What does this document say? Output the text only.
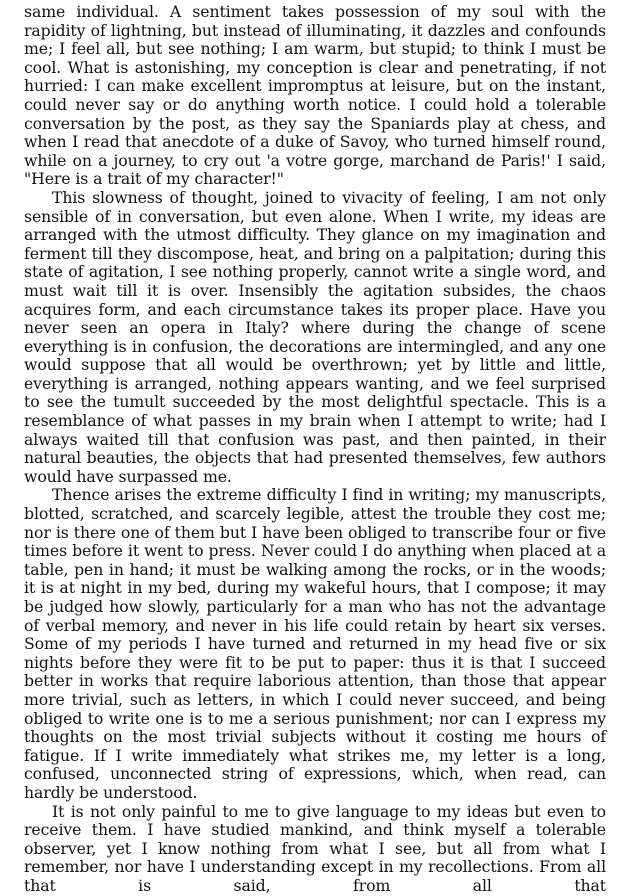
same individual. A sentiment takes possession of my soul with the rapidity of lightning, but instead of illuminating, it dazzles and confounds me; I feel all, but see nothing; I am warm, but stupid; to think I must be cool. What is astonishing, my conception is clear and penetrating, if not hurried: I can make excellent impromptus at leisure, but on the instant, could never say or do anything worth notice. I could hold a tolerable conversation by the post, as they say the Spaniards play at chess, and when I read that anecdote of a duke of Savoy, who turned himself round, while on a journey, to cry out 'a votre gorge, marchand de Paris!' I said, "Here is a trait of my character!"

This slowness of thought, joined to vivacity of feeling, I am not only sensible of in conversation, but even alone. When I write, my ideas are arranged with the utmost difficulty. They glance on my imagination and ferment till they discompose, heat, and bring on a palpitation; during this state of agitation, I see nothing properly, cannot write a single word, and must wait till it is over. Insensibly the agitation subsides, the chaos acquires form, and each circumstance takes its proper place. Have you never seen an opera in Italy? where during the change of scene everything is in confusion, the decorations are intermingled, and any one would suppose that all would be overthrown; yet by little and little, everything is arranged, nothing appears wanting, and we feel surprised to see the tumult succeeded by the most delightful spectacle. This is a resemblance of what passes in my brain when I attempt to write; had I always waited till that confusion was past, and then painted, in their natural beauties, the objects that had presented themselves, few authors would have surpassed me.

Thence arises the extreme difficulty I find in writing; my manuscripts, blotted, scratched, and scarcely legible, attest the trouble they cost me; nor is there one of them but I have been obliged to transcribe four or five times before it went to press. Never could I do anything when placed at a table, pen in hand; it must be walking among the rocks, or in the woods; it is at night in my bed, during my wakeful hours, that I compose; it may be judged how slowly, particularly for a man who has not the advantage of verbal memory, and never in his life could retain by heart six verses. Some of my periods I have turned and returned in my head five or six nights before they were fit to be put to paper: thus it is that I succeed better in works that require laborious attention, than those that appear more trivial, such as letters, in which I could never succeed, and being obliged to write one is to me a serious punishment; nor can I express my thoughts on the most trivial subjects without it costing me hours of fatigue. If I write immediately what strikes me, my letter is a long, confused, unconnected string of expressions, which, when read, can hardly be understood.

It is not only painful to me to give language to my ideas but even to receive them. I have studied mankind, and think myself a tolerable observer, yet I know nothing from what I see, but all from what I remember, nor have I understanding except in my recollections. From all that is said, from all that
